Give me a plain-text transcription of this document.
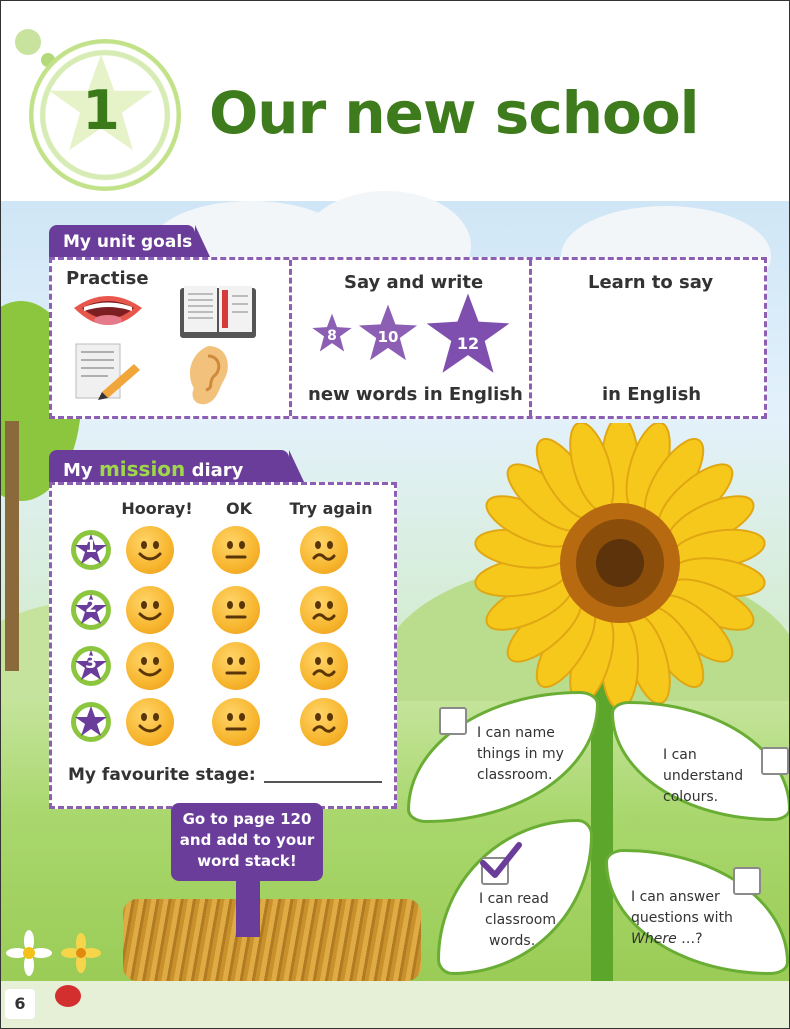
1	Our new school
My unit goals
Practise	Say and write
8	10	12
new words in English
Learn to say
in English
My mission diary
Hooray!	OK	Try again
1
2
3
My favourite stage:
Go to page 120
and add to your
word stack!
I can name
things in my
classroom.
I can
understand
colours.
I can read
classroom
words.
I can answer
questions with
Where …?
6
